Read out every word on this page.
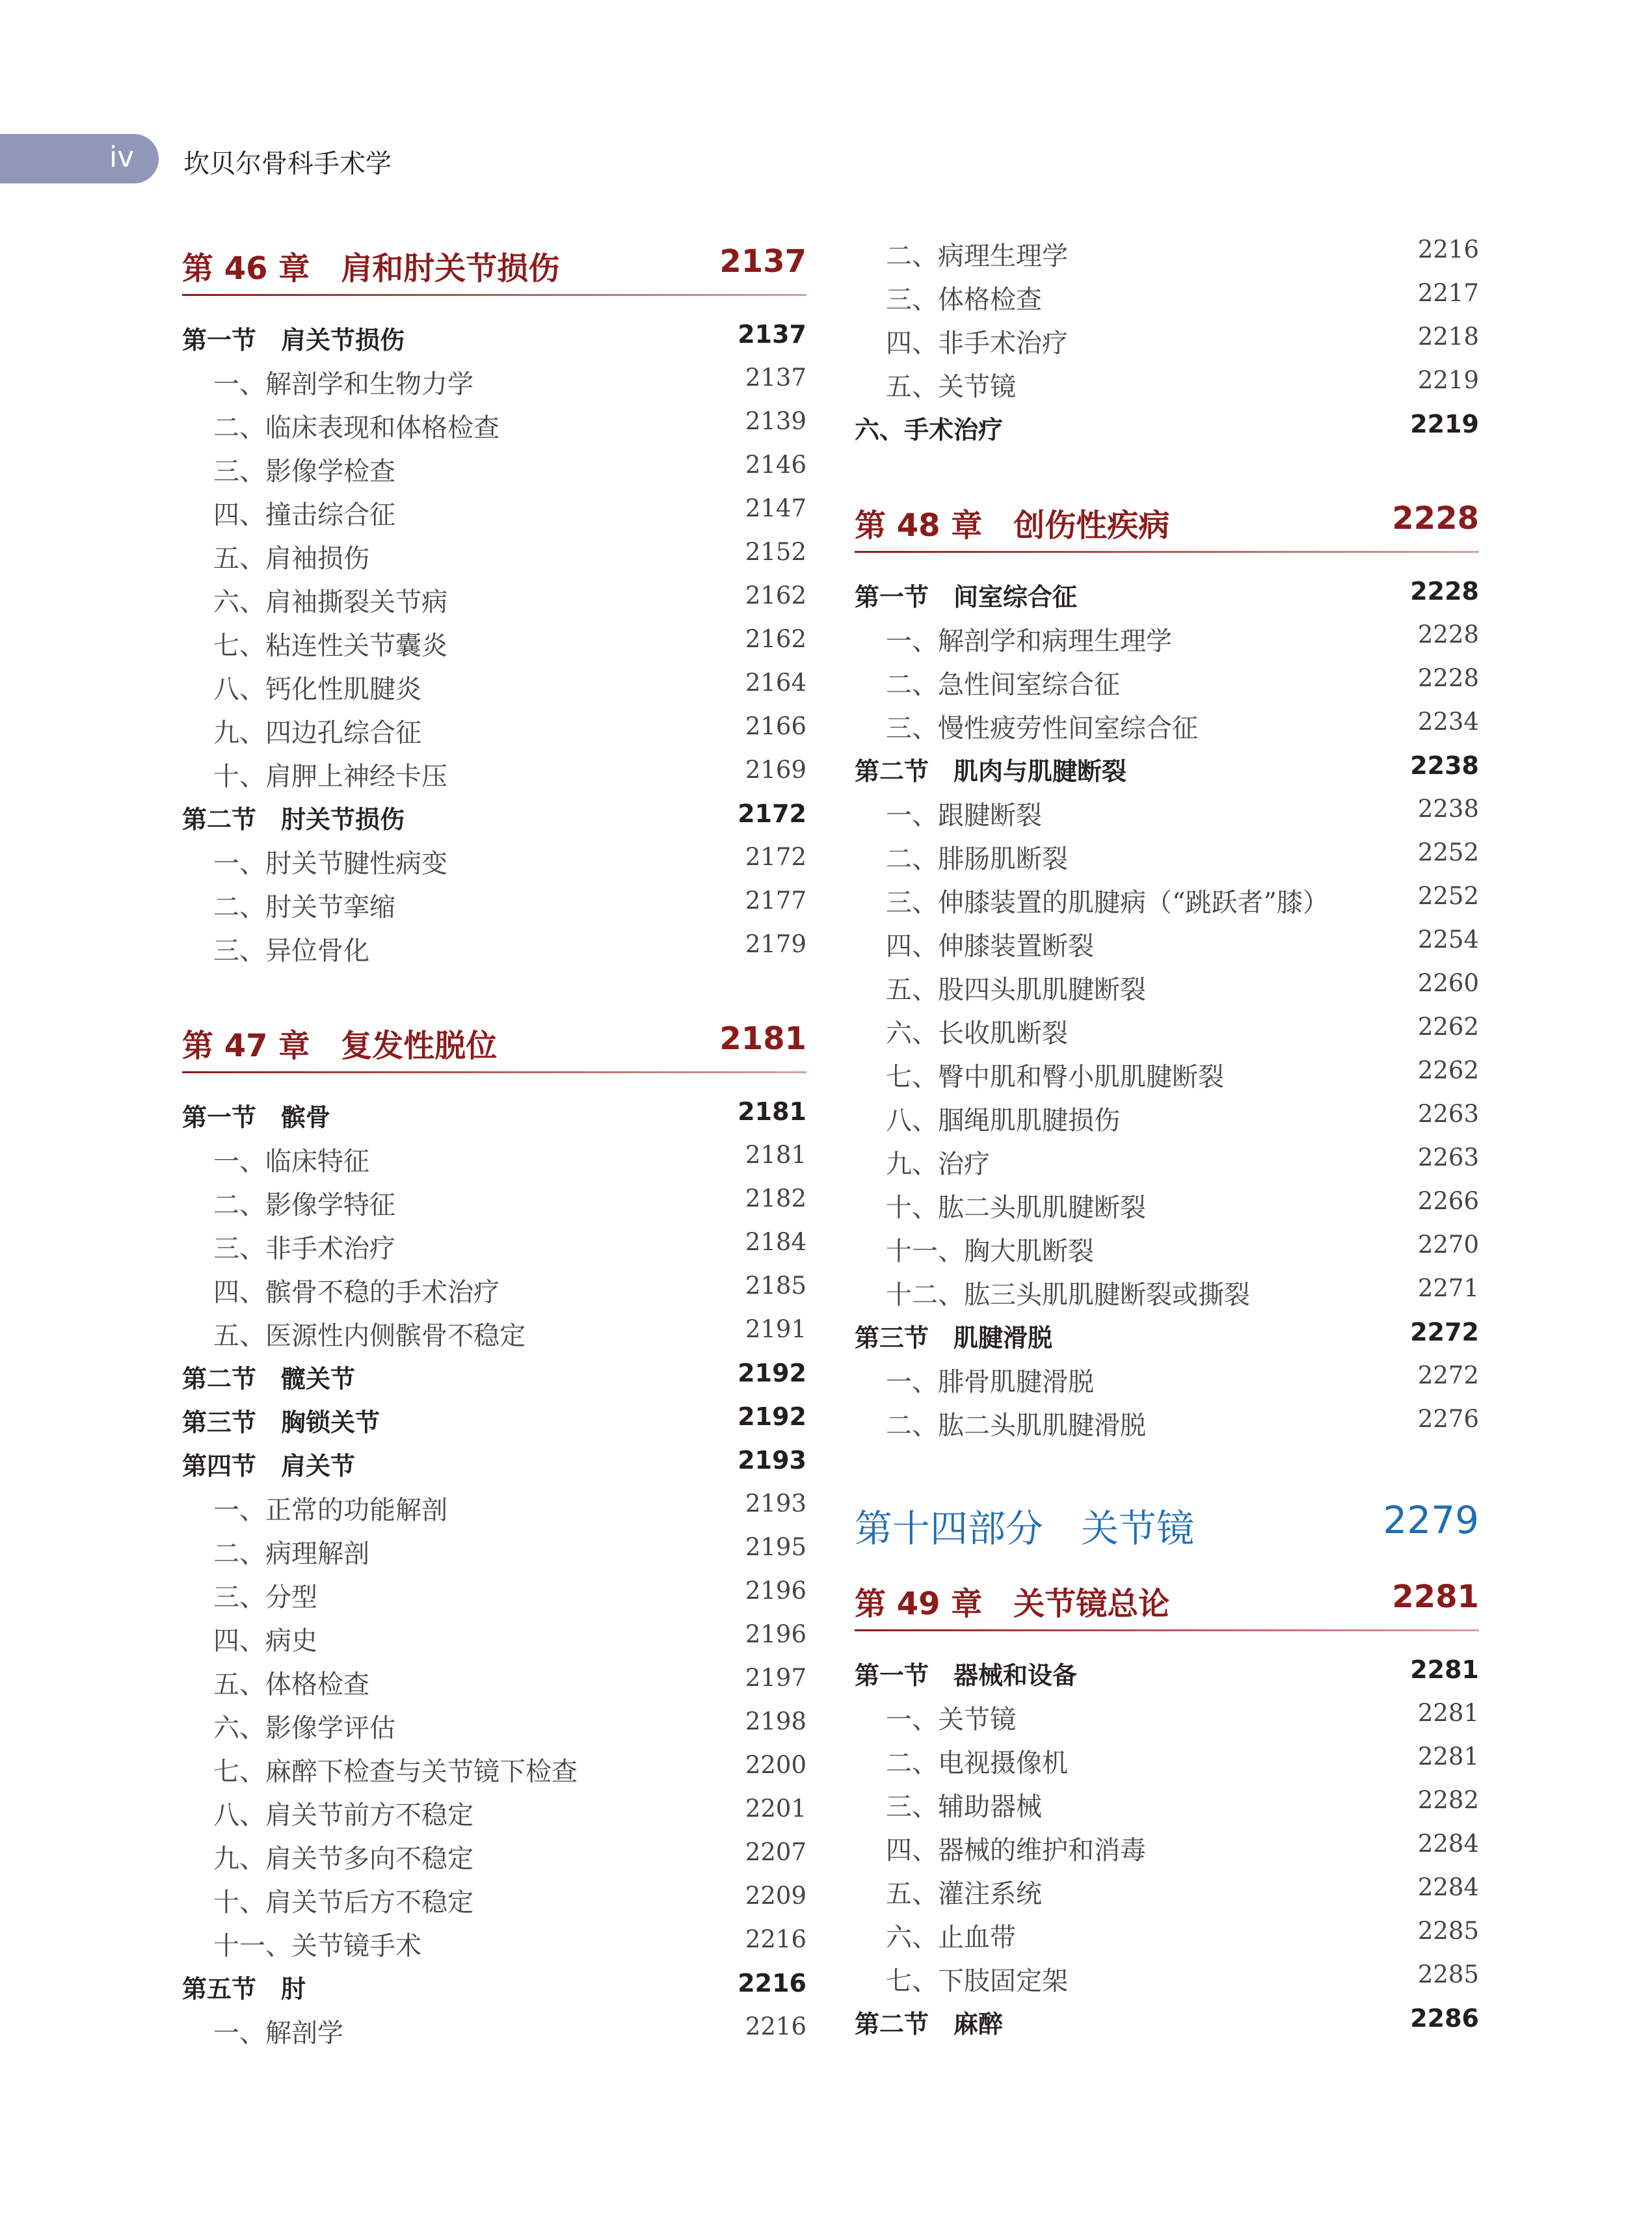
iv 坎贝尔骨科手术学
第 46 章　肩和肘关节损伤	2137
第一节　肩关节损伤	2137
一、解剖学和生物力学	2137
二、临床表现和体格检查	2139
三、影像学检查	2146
四、撞击综合征	2147
五、肩袖损伤	2152
六、肩袖撕裂关节病	2162
七、粘连性关节囊炎	2162
八、钙化性肌腱炎	2164
九、四边孔综合征	2166
十、肩胛上神经卡压	2169
第二节　肘关节损伤	2172
一、肘关节腱性病变	2172
二、肘关节挛缩	2177
三、异位骨化	2179
第 47 章　复发性脱位	2181
第一节　髌骨	2181
一、临床特征	2181
二、影像学特征	2182
三、非手术治疗	2184
四、髌骨不稳的手术治疗	2185
五、医源性内侧髌骨不稳定	2191
第二节　髋关节	2192
第三节　胸锁关节	2192
第四节　肩关节	2193
一、正常的功能解剖	2193
二、病理解剖	2195
三、分型	2196
四、病史	2196
五、体格检查	2197
六、影像学评估	2198
七、麻醉下检查与关节镜下检查	2200
八、肩关节前方不稳定	2201
九、肩关节多向不稳定	2207
十、肩关节后方不稳定	2209
十一、关节镜手术	2216
第五节　肘	2216
一、解剖学	2216
二、病理生理学	2216
三、体格检查	2217
四、非手术治疗	2218
五、关节镜	2219
六、手术治疗	2219
第 48 章　创伤性疾病	2228
第一节　间室综合征	2228
一、解剖学和病理生理学	2228
二、急性间室综合征	2228
三、慢性疲劳性间室综合征	2234
第二节　肌肉与肌腱断裂	2238
一、跟腱断裂	2238
二、腓肠肌断裂	2252
三、伸膝装置的肌腱病（“跳跃者”膝）	2252
四、伸膝装置断裂	2254
五、股四头肌肌腱断裂	2260
六、长收肌断裂	2262
七、臀中肌和臀小肌肌腱断裂	2262
八、腘绳肌肌腱损伤	2263
九、治疗	2263
十、肱二头肌肌腱断裂	2266
十一、胸大肌断裂	2270
十二、肱三头肌肌腱断裂或撕裂	2271
第三节　肌腱滑脱	2272
一、腓骨肌腱滑脱	2272
二、肱二头肌肌腱滑脱	2276
第十四部分　关节镜	2279
第 49 章　关节镜总论	2281
第一节　器械和设备	2281
一、关节镜	2281
二、电视摄像机	2281
三、辅助器械	2282
四、器械的维护和消毒	2284
五、灌注系统	2284
六、止血带	2285
七、下肢固定架	2285
第二节　麻醉	2286
